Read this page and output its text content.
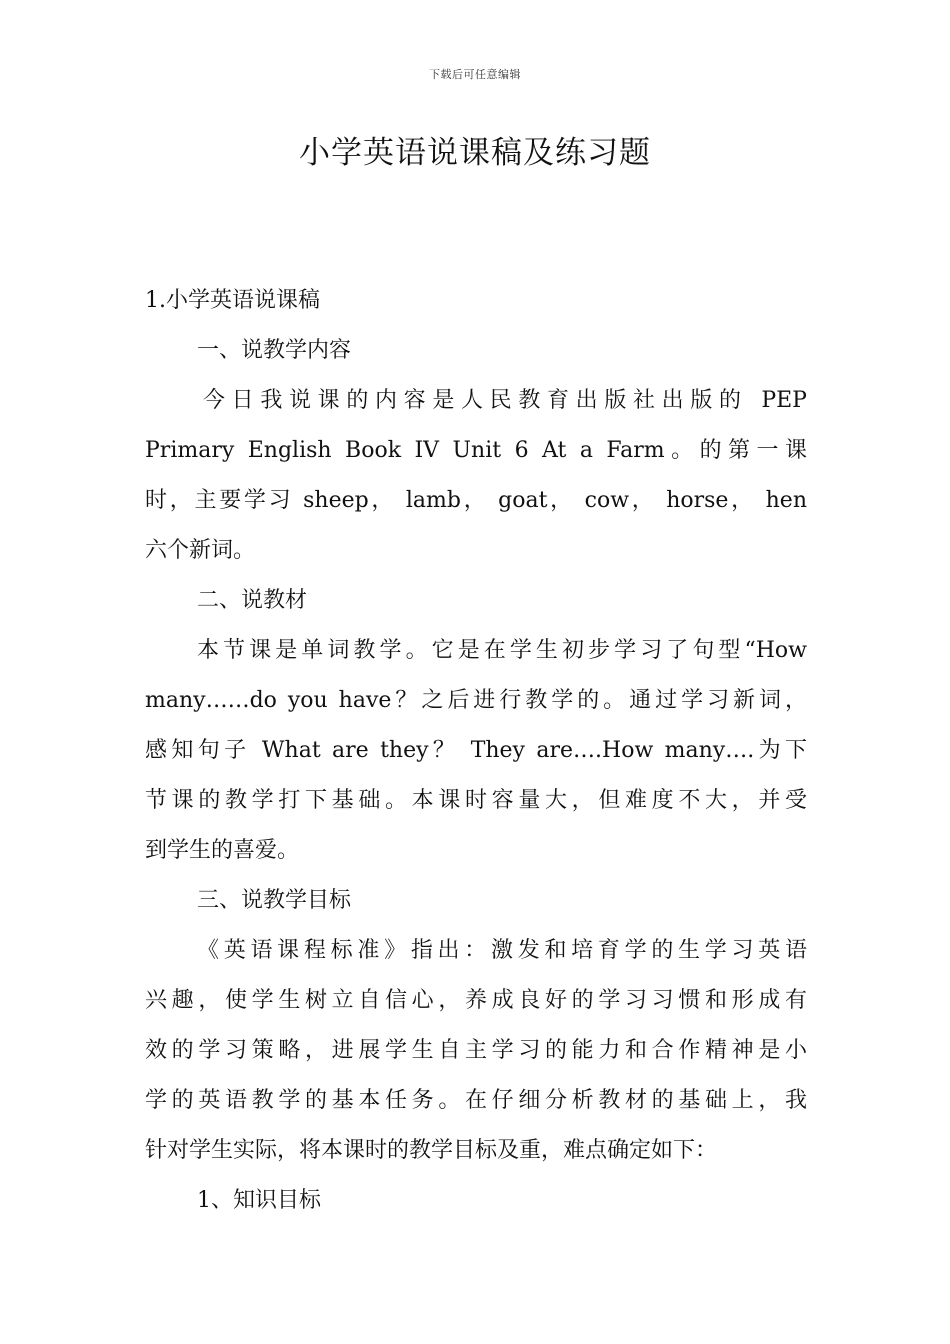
下载后可任意编辑
小学英语说课稿及练习题
1.小学英语说课稿
一、说教学内容
今日我说课的内容是人民教育出版社出版的 PEP
Primary English Book IV Unit 6 At a Farm。的第一课
时，主要学习 sheep， lamb， goat， cow， horse， hen
六个新词。
二、说教材
本节课是单词教学。它是在学生初步学习了句型“How
many……do you have？之后进行教学的。通过学习新词，
感知句子 What are they？ They are….How many….为下
节课的教学打下基础。本课时容量大，但难度不大，并受
到学生的喜爱。
三、说教学目标
《英语课程标准》指出：激发和培育学的生学习英语
兴趣，使学生树立自信心，养成良好的学习习惯和形成有
效的学习策略，进展学生自主学习的能力和合作精神是小
学的英语教学的基本任务。在仔细分析教材的基础上，我
针对学生实际，将本课时的教学目标及重，难点确定如下：
1、知识目标
